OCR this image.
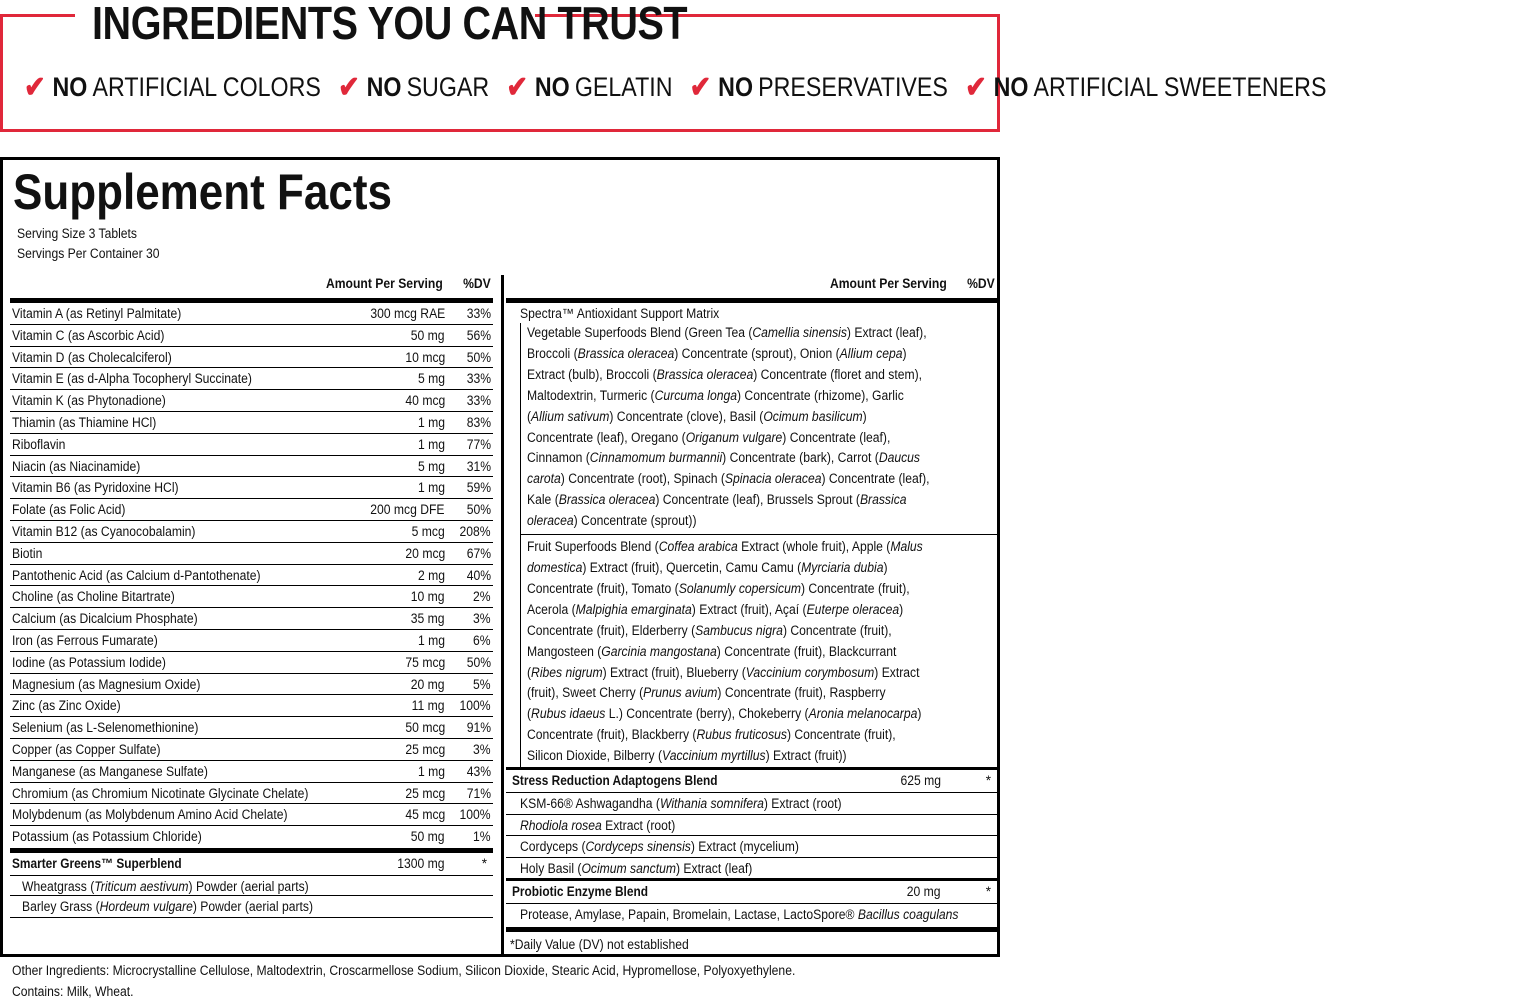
INGREDIENTS YOU CAN TRUST
✔ NO ARTIFICIAL COLORS ✔ NO SUGAR ✔ NO GELATIN ✔ NO PRESERVATIVES ✔ NO ARTIFICIAL SWEETENERS
Supplement Facts
Serving Size 3 Tablets
Servings Per Container 30
Amount Per Serving %DV
Vitamin A (as Retinyl Palmitate)	300 mcg RAE 33%
Vitamin C (as Ascorbic Acid)	50 mg 56%
Vitamin D (as Cholecalciferol)	10 mcg 50%
Vitamin E (as d-Alpha Tocopheryl Succinate)	5 mg 33%
Vitamin K (as Phytonadione)	40 mcg 33%
Thiamin (as Thiamine HCl)	1 mg 83%
Riboflavin	1 mg 77%
Niacin (as Niacinamide)	5 mg 31%
Vitamin B6 (as Pyridoxine HCl)	1 mg 59%
Folate (as Folic Acid)	200 mcg DFE 50%
Vitamin B12 (as Cyanocobalamin)	5 mcg 208%
Biotin	20 mcg 67%
Pantothenic Acid (as Calcium d-Pantothenate)	2 mg 40%
Choline (as Choline Bitartrate)	10 mg 2%
Calcium (as Dicalcium Phosphate)	35 mg 3%
Iron (as Ferrous Fumarate)	1 mg 6%
Iodine (as Potassium Iodide)	75 mcg 50%
Magnesium (as Magnesium Oxide)	20 mg 5%
Zinc (as Zinc Oxide)	11 mg 100%
Selenium (as L-Selenomethionine)	50 mcg 91%
Copper (as Copper Sulfate)	25 mcg 3%
Manganese (as Manganese Sulfate)	1 mg 43%
Chromium (as Chromium Nicotinate Glycinate Chelate)	25 mcg 71%
Molybdenum (as Molybdenum Amino Acid Chelate)	45 mcg 100%
Potassium (as Potassium Chloride)	50 mg 1%
Smarter Greens™ Superblend	1300 mg	*
Wheatgrass (Triticum aestivum) Powder (aerial parts)
Barley Grass (Hordeum vulgare) Powder (aerial parts)
Amount Per Serving %DV
Spectra™ Antioxidant Support Matrix
Vegetable Superfoods Blend (Green Tea (Camellia sinensis) Extract (leaf),
Broccoli (Brassica oleracea) Concentrate (sprout), Onion (Allium cepa)
Extract (bulb), Broccoli (Brassica oleracea) Concentrate (floret and stem),
Maltodextrin, Turmeric (Curcuma longa) Concentrate (rhizome), Garlic
(Allium sativum) Concentrate (clove), Basil (Ocimum basilicum)
Concentrate (leaf), Oregano (Origanum vulgare) Concentrate (leaf),
Cinnamon (Cinnamomum burmannii) Concentrate (bark), Carrot (Daucus
carota) Concentrate (root), Spinach (Spinacia oleracea) Concentrate (leaf),
Kale (Brassica oleracea) Concentrate (leaf), Brussels Sprout (Brassica
oleracea) Concentrate (sprout))
Fruit Superfoods Blend (Coffea arabica Extract (whole fruit), Apple (Malus
domestica) Extract (fruit), Quercetin, Camu Camu (Myrciaria dubia)
Concentrate (fruit), Tomato (Solanumly copersicum) Concentrate (fruit),
Acerola (Malpighia emarginata) Extract (fruit), Açaí (Euterpe oleracea)
Concentrate (fruit), Elderberry (Sambucus nigra) Concentrate (fruit),
Mangosteen (Garcinia mangostana) Concentrate (fruit), Blackcurrant
(Ribes nigrum) Extract (fruit), Blueberry (Vaccinium corymbosum) Extract
(fruit), Sweet Cherry (Prunus avium) Concentrate (fruit), Raspberry
(Rubus idaeus L.) Concentrate (berry), Chokeberry (Aronia melanocarpa)
Concentrate (fruit), Blackberry (Rubus fruticosus) Concentrate (fruit),
Silicon Dioxide, Bilberry (Vaccinium myrtillus) Extract (fruit))
Stress Reduction Adaptogens Blend	625 mg	*
KSM-66® Ashwagandha (Withania somnifera) Extract (root)
Rhodiola rosea Extract (root)
Cordyceps (Cordyceps sinensis) Extract (mycelium)
Holy Basil (Ocimum sanctum) Extract (leaf)
Probiotic Enzyme Blend	20 mg	*
Protease, Amylase, Papain, Bromelain, Lactase, LactoSpore® Bacillus coagulans
*Daily Value (DV) not established
Other Ingredients: Microcrystalline Cellulose, Maltodextrin, Croscarmellose Sodium, Silicon Dioxide, Stearic Acid, Hypromellose, Polyoxyethylene.
Contains: Milk, Wheat.
